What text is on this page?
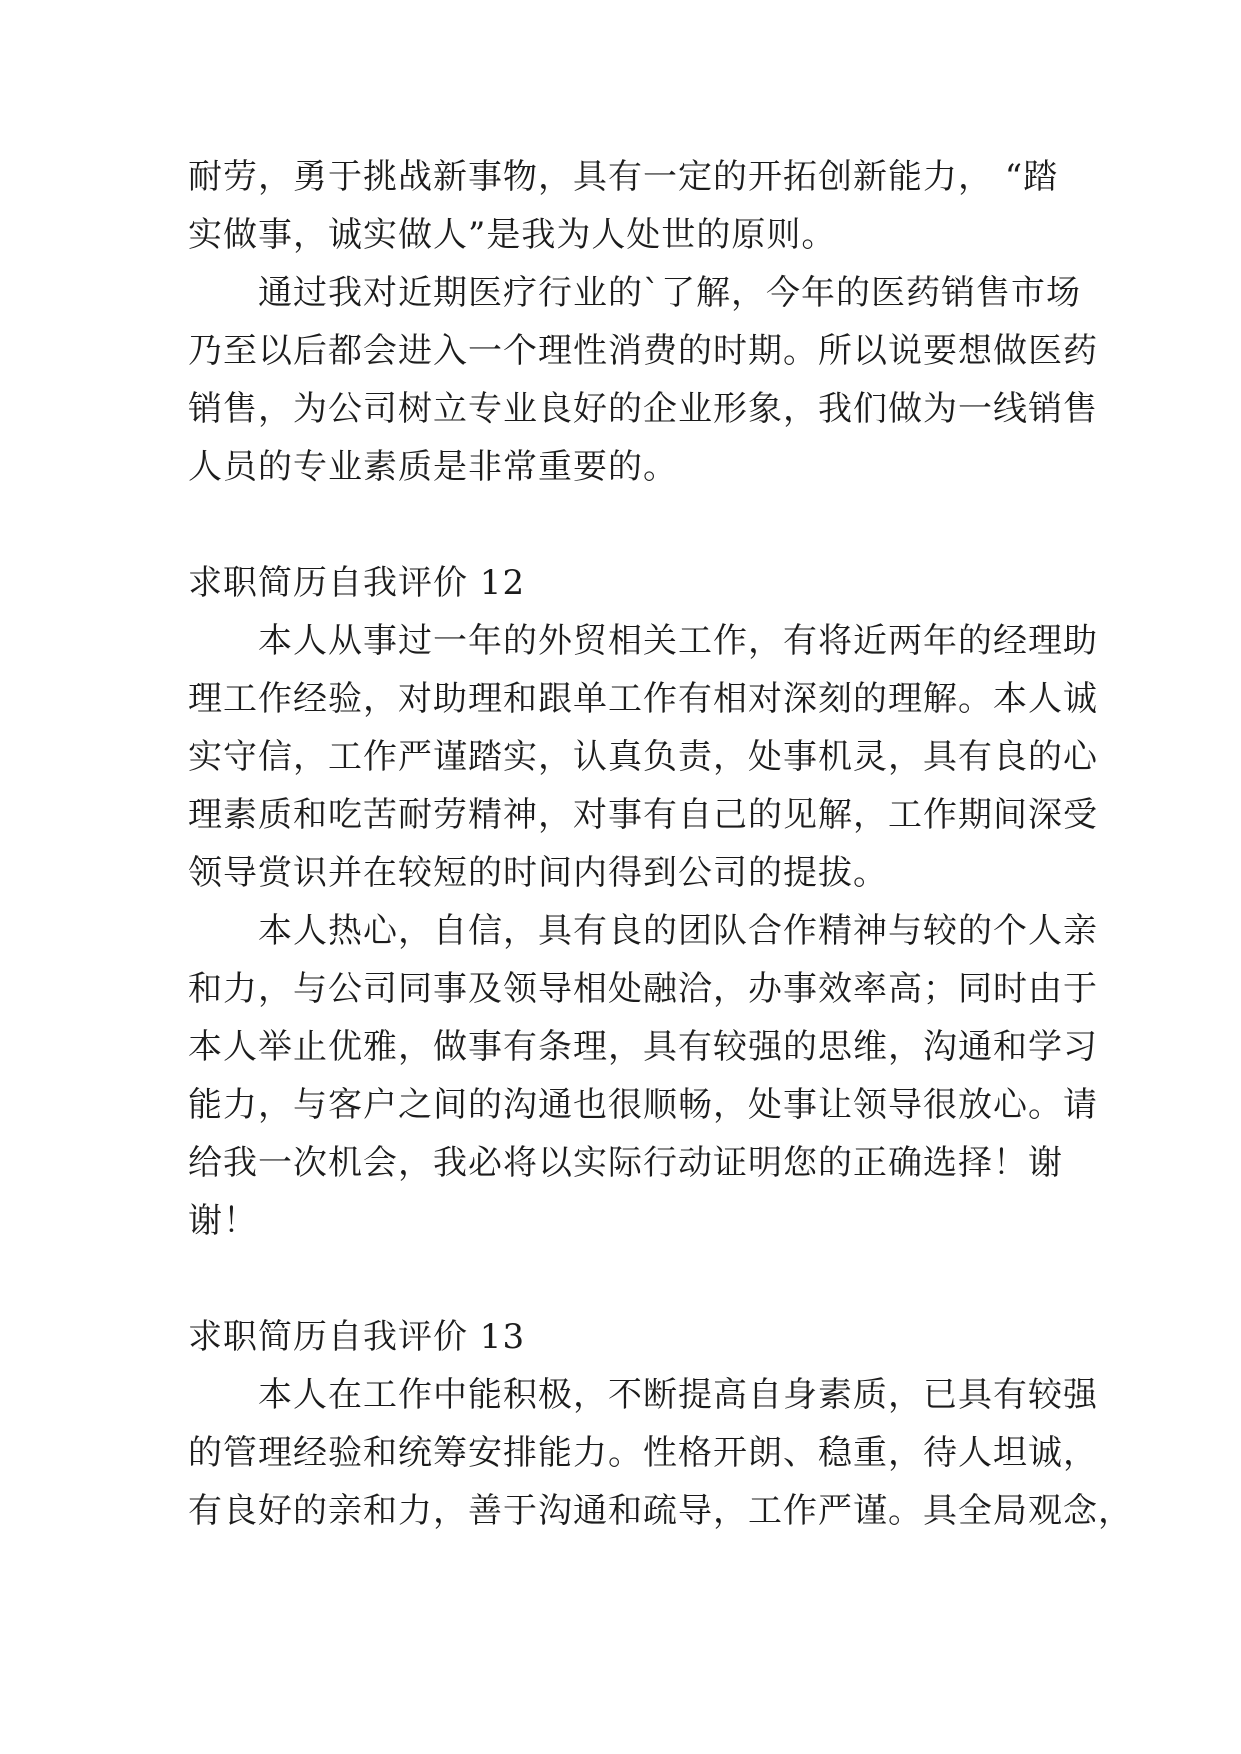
耐劳，勇于挑战新事物，具有一定的开拓创新能力， “踏
实做事，诚实做人”是我为人处世的原则。
通过我对近期医疗行业的`了解，今年的医药销售市场
乃至以后都会进入一个理性消费的时期。所以说要想做医药
销售，为公司树立专业良好的企业形象，我们做为一线销售
人员的专业素质是非常重要的。
求职简历自我评价 12
本人从事过一年的外贸相关工作，有将近两年的经理助
理工作经验，对助理和跟单工作有相对深刻的理解。本人诚
实守信，工作严谨踏实，认真负责，处事机灵，具有良的心
理素质和吃苦耐劳精神，对事有自己的见解，工作期间深受
领导赏识并在较短的时间内得到公司的提拔。
本人热心，自信，具有良的团队合作精神与较的个人亲
和力，与公司同事及领导相处融洽，办事效率高；同时由于
本人举止优雅，做事有条理，具有较强的思维，沟通和学习
能力，与客户之间的沟通也很顺畅，处事让领导很放心。请
给我一次机会，我必将以实际行动证明您的正确选择！谢
谢！
求职简历自我评价 13
本人在工作中能积极，不断提高自身素质，已具有较强
的管理经验和统筹安排能力。性格开朗、稳重，待人坦诚，
有良好的亲和力，善于沟通和疏导，工作严谨。具全局观念，
